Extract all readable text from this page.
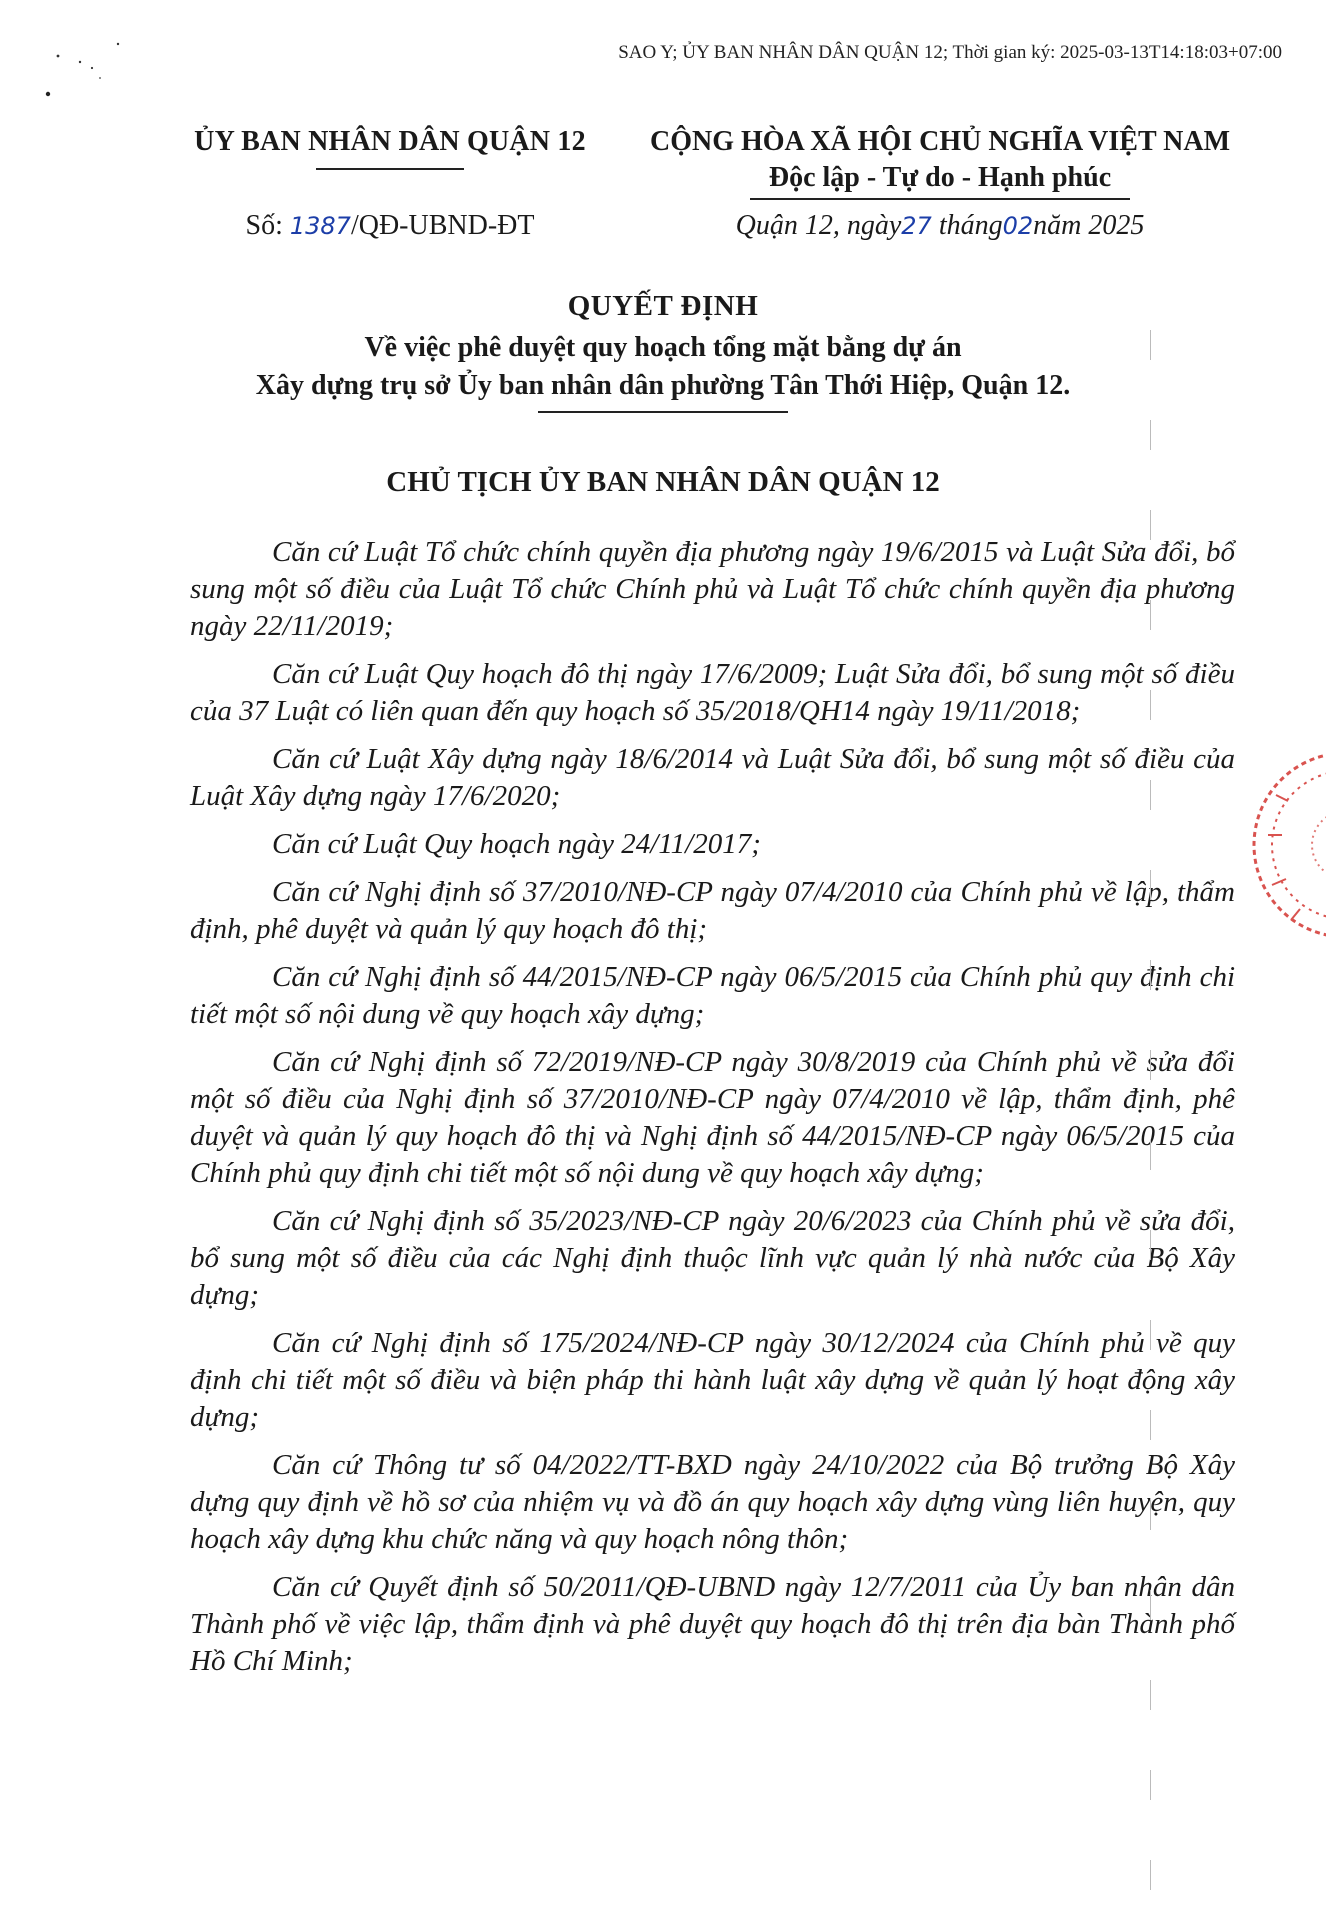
SAO Y; ỦY BAN NHÂN DÂN QUẬN 12; Thời gian ký: 2025-03-13T14:18:03+07:00
ỦY BAN NHÂN DÂN QUẬN 12	CỘNG HÒA XÃ HỘI CHỦ NGHĨA VIỆT NAM
Độc lập - Tự do - Hạnh phúc
Số: 1387/QĐ-UBND-ĐT	Quận 12, ngày27 tháng02năm 2025
QUYẾT ĐỊNH
Về việc phê duyệt quy hoạch tổng mặt bằng dự án
Xây dựng trụ sở Ủy ban nhân dân phường Tân Thới Hiệp, Quận 12.
CHỦ TỊCH ỦY BAN NHÂN DÂN QUẬN 12

Căn cứ Luật Tổ chức chính quyền địa phương ngày 19/6/2015 và Luật Sửa đổi, bổ sung một số điều của Luật Tổ chức Chính phủ và Luật Tổ chức chính quyền địa phương ngày 22/11/2019;

Căn cứ Luật Quy hoạch đô thị ngày 17/6/2009; Luật Sửa đổi, bổ sung một số điều của 37 Luật có liên quan đến quy hoạch số 35/2018/QH14 ngày 19/11/2018;

Căn cứ Luật Xây dựng ngày 18/6/2014 và Luật Sửa đổi, bổ sung một số điều của Luật Xây dựng ngày 17/6/2020;

Căn cứ Luật Quy hoạch ngày 24/11/2017;

Căn cứ Nghị định số 37/2010/NĐ-CP ngày 07/4/2010 của Chính phủ về lập, thẩm định, phê duyệt và quản lý quy hoạch đô thị;

Căn cứ Nghị định số 44/2015/NĐ-CP ngày 06/5/2015 của Chính phủ quy định chi tiết một số nội dung về quy hoạch xây dựng;

Căn cứ Nghị định số 72/2019/NĐ-CP ngày 30/8/2019 của Chính phủ về sửa đổi một số điều của Nghị định số 37/2010/NĐ-CP ngày 07/4/2010 về lập, thẩm định, phê duyệt và quản lý quy hoạch đô thị và Nghị định số 44/2015/NĐ-CP ngày 06/5/2015 của Chính phủ quy định chi tiết một số nội dung về quy hoạch xây dựng;

Căn cứ Nghị định số 35/2023/NĐ-CP ngày 20/6/2023 của Chính phủ về sửa đổi, bổ sung một số điều của các Nghị định thuộc lĩnh vực quản lý nhà nước của Bộ Xây dựng;

Căn cứ Nghị định số 175/2024/NĐ-CP ngày 30/12/2024 của Chính phủ về quy định chi tiết một số điều và biện pháp thi hành luật xây dựng về quản lý hoạt động xây dựng;

Căn cứ Thông tư số 04/2022/TT-BXD ngày 24/10/2022 của Bộ trưởng Bộ Xây dựng quy định về hồ sơ của nhiệm vụ và đồ án quy hoạch xây dựng vùng liên huyện, quy hoạch xây dựng khu chức năng và quy hoạch nông thôn;

Căn cứ Quyết định số 50/2011/QĐ-UBND ngày 12/7/2011 của Ủy ban nhân dân Thành phố về việc lập, thẩm định và phê duyệt quy hoạch đô thị trên địa bàn Thành phố Hồ Chí Minh;
